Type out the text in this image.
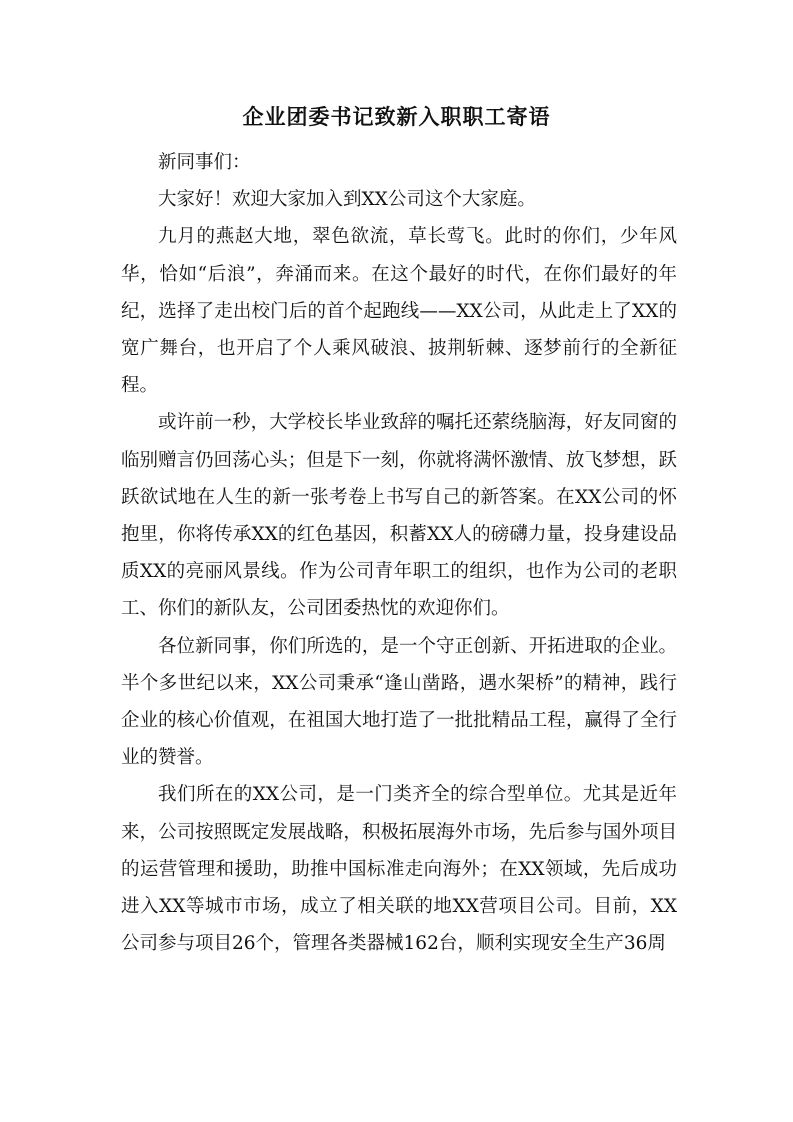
企业团委书记致新入职职工寄语

新同事们：

大家好！欢迎大家加入到XX公司这个大家庭。

九月的燕赵大地，翠色欲流，草长莺飞。此时的你们，少年风华，恰如“后浪”，奔涌而来。在这个最好的时代，在你们最好的年纪，选择了走出校门后的首个起跑线——XX公司，从此走上了XX的宽广舞台，也开启了个人乘风破浪、披荆斩棘、逐梦前行的全新征程。

或许前一秒，大学校长毕业致辞的嘱托还萦绕脑海，好友同窗的临别赠言仍回荡心头；但是下一刻，你就将满怀激情、放飞梦想，跃跃欲试地在人生的新一张考卷上书写自己的新答案。在XX公司的怀抱里，你将传承XX的红色基因，积蓄XX人的磅礴力量，投身建设品质XX的亮丽风景线。作为公司青年职工的组织，也作为公司的老职工、你们的新队友，公司团委热忱的欢迎你们。

各位新同事，你们所选的，是一个守正创新、开拓进取的企业。半个多世纪以来，XX公司秉承“逢山凿路，遇水架桥”的精神，践行企业的核心价值观，在祖国大地打造了一批批精品工程，赢得了全行业的赞誉。

我们所在的XX公司，是一门类齐全的综合型单位。尤其是近年来，公司按照既定发展战略，积极拓展海外市场，先后参与国外项目的运营管理和援助，助推中国标准走向海外；在XX领域，先后成功进入XX等城市市场，成立了相关联的地XX营项目公司。目前，XX公司参与项目26个，管理各类器械162台，顺利实现安全生产36周
